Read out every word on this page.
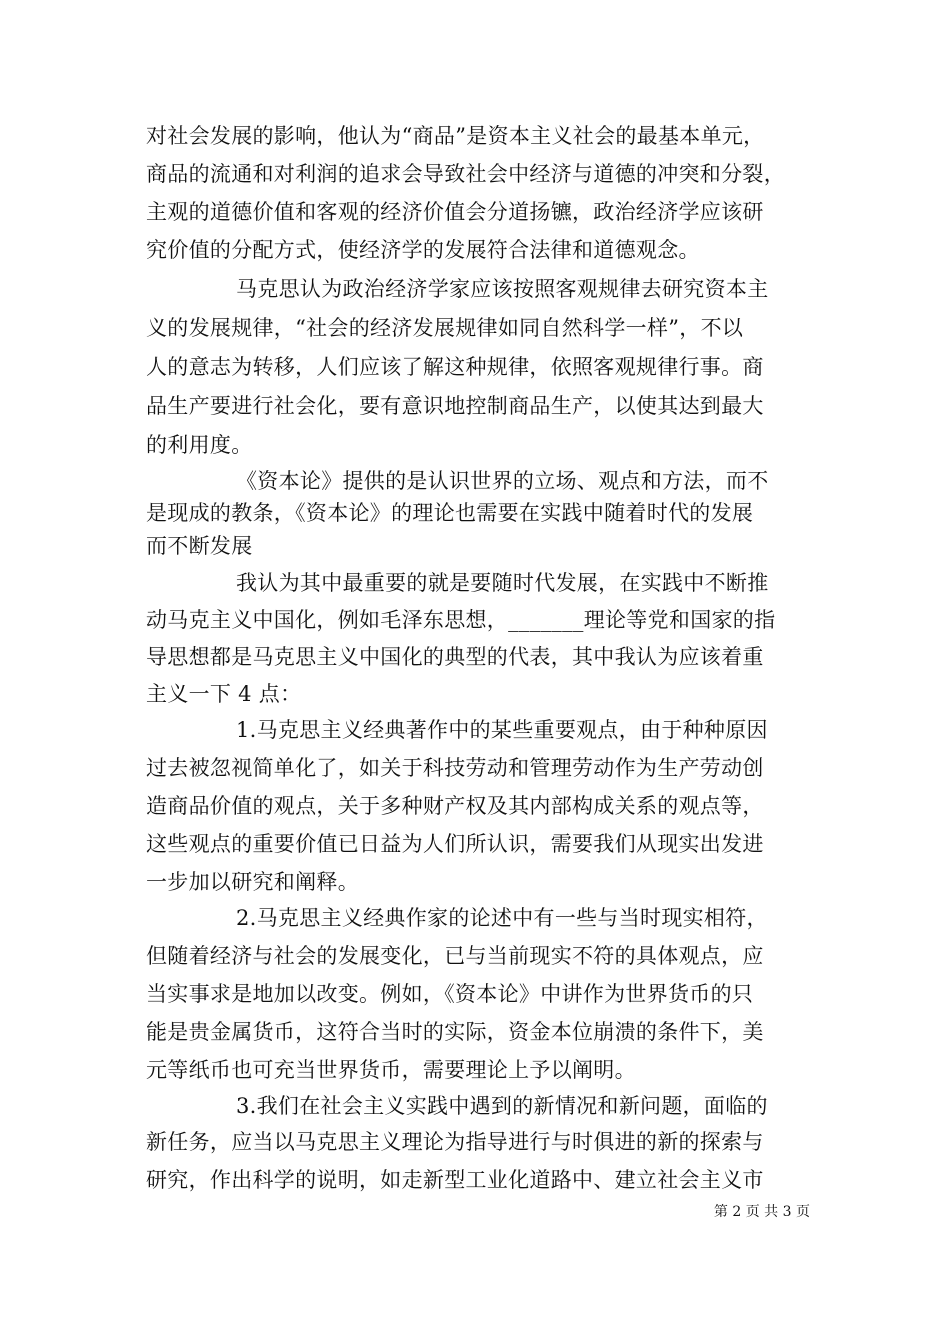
对社会发展的影响，他认为“商品”是资本主义社会的最基本单元，
商品的流通和对利润的追求会导致社会中经济与道德的冲突和分裂，
主观的道德价值和客观的经济价值会分道扬镳，政治经济学应该研
究价值的分配方式，使经济学的发展符合法律和道德观念。
马克思认为政治经济学家应该按照客观规律去研究资本主
义的发展规律，“社会的经济发展规律如同自然科学一样”，不以
人的意志为转移，人们应该了解这种规律，依照客观规律行事。商
品生产要进行社会化，要有意识地控制商品生产，以使其达到最大
的利用度。
《资本论》提供的是认识世界的立场、观点和方法，而不
是现成的教条，《资本论》的理论也需要在实践中随着时代的发展
而不断发展
我认为其中最重要的就是要随时代发展，在实践中不断推
动马克主义中国化，例如毛泽东思想，_______理论等党和国家的指
导思想都是马克思主义中国化的典型的代表，其中我认为应该着重
主义一下 4 点：
1.马克思主义经典著作中的某些重要观点，由于种种原因
过去被忽视简单化了，如关于科技劳动和管理劳动作为生产劳动创
造商品价值的观点，关于多种财产权及其内部构成关系的观点等，
这些观点的重要价值已日益为人们所认识，需要我们从现实出发进
一步加以研究和阐释。
2.马克思主义经典作家的论述中有一些与当时现实相符，
但随着经济与社会的发展变化，已与当前现实不符的具体观点，应
当实事求是地加以改变。例如，《资本论》中讲作为世界货币的只
能是贵金属货币，这符合当时的实际，资金本位崩溃的条件下，美
元等纸币也可充当世界货币，需要理论上予以阐明。
3.我们在社会主义实践中遇到的新情况和新问题，面临的
新任务，应当以马克思主义理论为指导进行与时俱进的新的探索与
研究，作出科学的说明，如走新型工业化道路中、建立社会主义市
第 2 页 共 3 页
